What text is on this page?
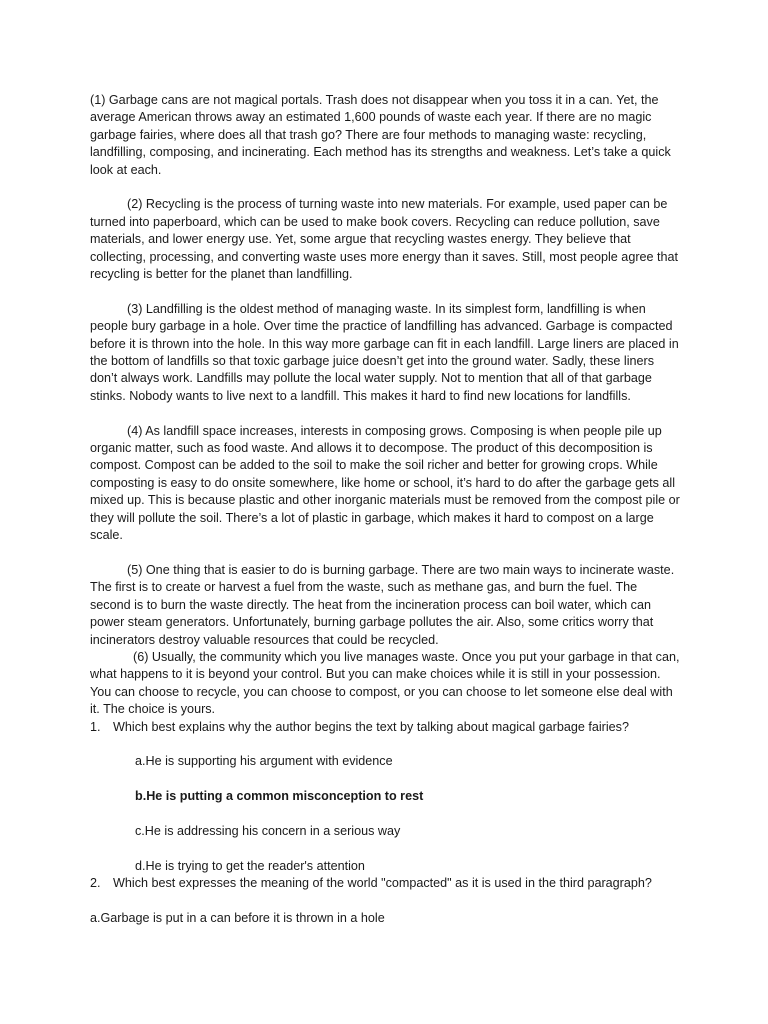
(1) Garbage cans are not magical portals. Trash does not disappear when you toss it in a can. Yet, the average American throws away an estimated 1,600 pounds of waste each year. If there are no magic garbage fairies, where does all that trash go? There are four methods to managing waste: recycling, landfilling, composing, and incinerating. Each method has its strengths and weakness. Let’s take a quick look at each.

(2) Recycling is the process of turning waste into new materials. For example, used paper can be turned into paperboard, which can be used to make book covers. Recycling can reduce pollution, save materials, and lower energy use. Yet, some argue that recycling wastes energy. They believe that collecting, processing, and converting waste uses more energy than it saves. Still, most people agree that recycling is better for the planet than landfilling.

(3) Landfilling is the oldest method of managing waste. In its simplest form, landfilling is when people bury garbage in a hole. Over time the practice of landfilling has advanced. Garbage is compacted before it is thrown into the hole. In this way more garbage can fit in each landfill. Large liners are placed in the bottom of landfills so that toxic garbage juice doesn’t get into the ground water. Sadly, these liners don’t always work. Landfills may pollute the local water supply. Not to mention that all of that garbage stinks. Nobody wants to live next to a landfill. This makes it hard to find new locations for landfills.

(4) As landfill space increases, interests in composing grows. Composing is when people pile up organic matter, such as food waste. And allows it to decompose. The product of this decomposition is compost. Compost can be added to the soil to make the soil richer and better for growing crops. While composting is easy to do onsite somewhere, like home or school, it’s hard to do after the garbage gets all mixed up. This is because plastic and other inorganic materials must be removed from the compost pile or they will pollute the soil. There’s a lot of plastic in garbage, which makes it hard to compost on a large scale.

(5) One thing that is easier to do is burning garbage. There are two main ways to incinerate waste. The first is to create or harvest a fuel from the waste, such as methane gas, and burn the fuel. The second is to burn the waste directly. The heat from the incineration process can boil water, which can power steam generators. Unfortunately, burning garbage pollutes the air. Also, some critics worry that incinerators destroy valuable resources that could be recycled.

(6) Usually, the community which you live manages waste. Once you put your garbage in that can, what happens to it is beyond your control. But you can make choices while it is still in your possession. You can choose to recycle, you can choose to compost, or you can choose to let someone else deal with it. The choice is yours.

1. Which best explains why the author begins the text by talking about magical garbage fairies?

a.He is supporting his argument with evidence

b.He is putting a common misconception to rest

c.He is addressing his concern in a serious way

d.He is trying to get the reader's attention

2. Which best expresses the meaning of the world "compacted" as it is used in the third paragraph?

a.Garbage is put in a can before it is thrown in a hole
